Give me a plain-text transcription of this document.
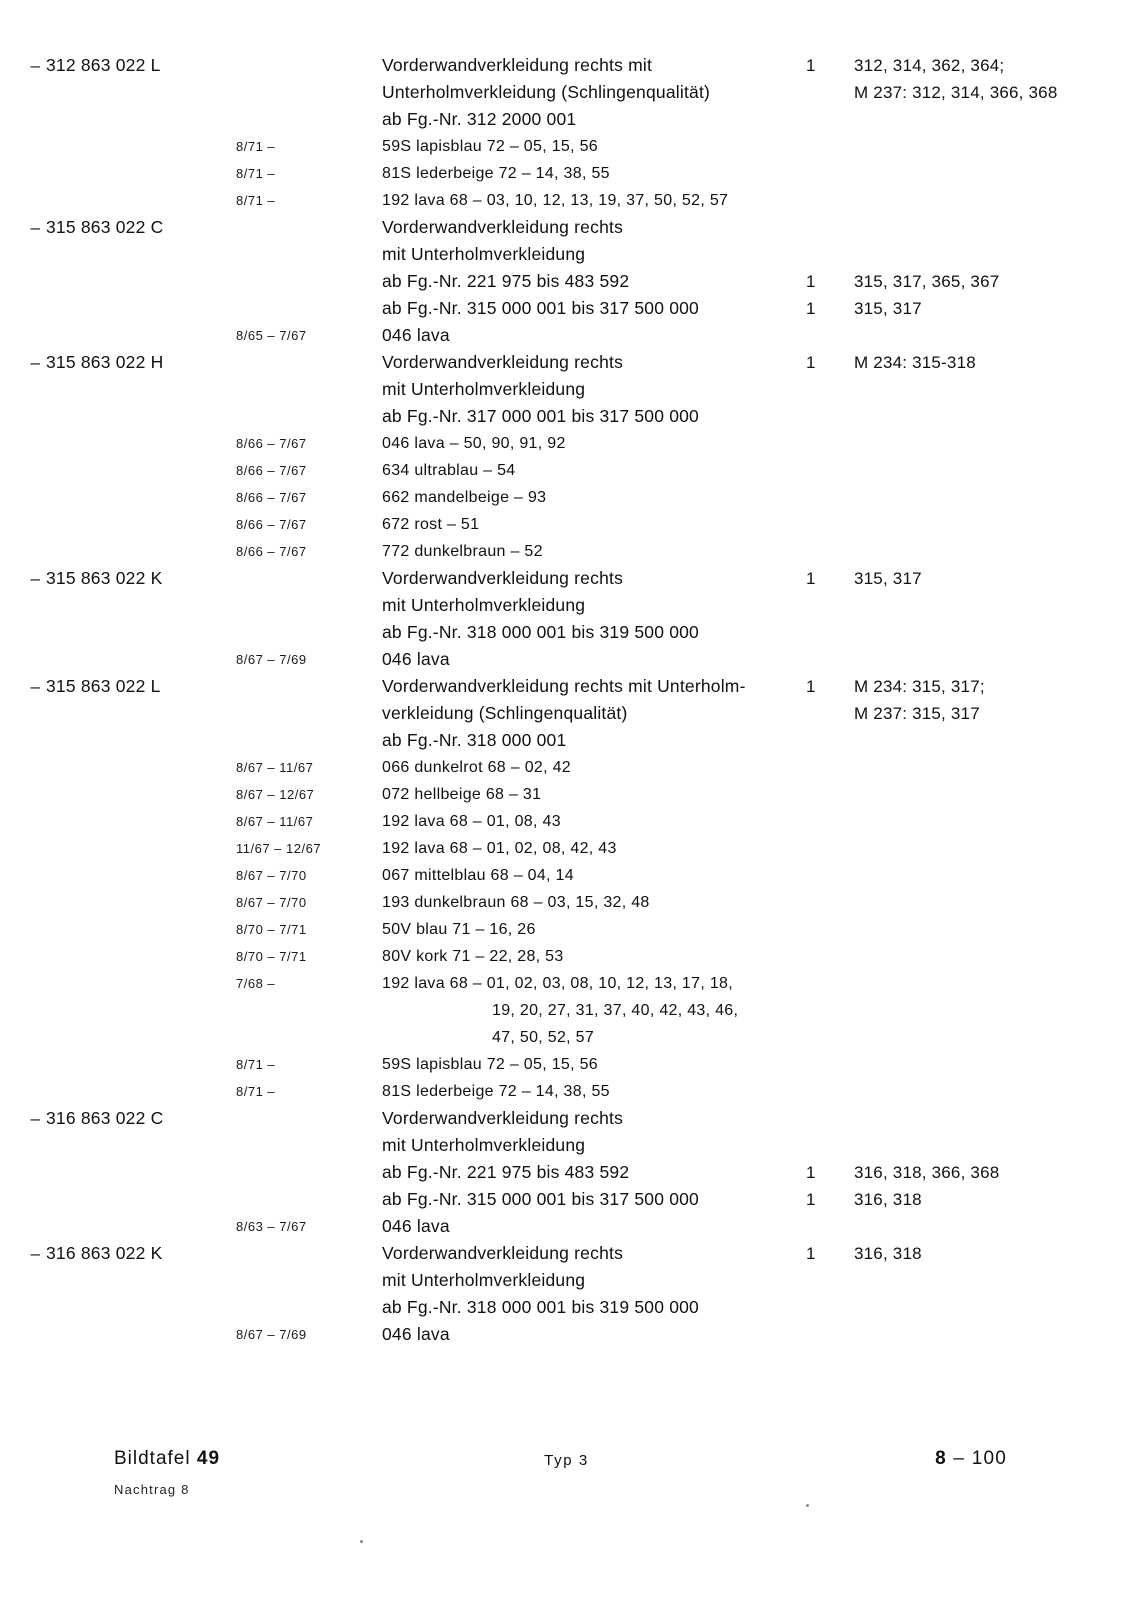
– 312 863 022 L	Vorderwandverkleidung rechts mit	1	312, 314, 362, 364;
Unterholmverkleidung (Schlingenqualität)	M 237: 312, 314, 366, 368
ab Fg.-Nr. 312 2000 001
8/71 –	59S lapisblau 72 – 05, 15, 56
8/71 –	81S lederbeige 72 – 14, 38, 55
8/71 –	192 lava 68 – 03, 10, 12, 13, 19, 37, 50, 52, 57
– 315 863 022 C	Vorderwandverkleidung rechts
mit Unterholmverkleidung
ab Fg.-Nr. 221 975 bis 483 592	1	315, 317, 365, 367
ab Fg.-Nr. 315 000 001 bis 317 500 000	1	315, 317
8/65 – 7/67	046 lava
– 315 863 022 H	Vorderwandverkleidung rechts	1	M 234: 315-318
mit Unterholmverkleidung
ab Fg.-Nr. 317 000 001 bis 317 500 000
8/66 – 7/67	046 lava – 50, 90, 91, 92
8/66 – 7/67	634 ultrablau – 54
8/66 – 7/67	662 mandelbeige – 93
8/66 – 7/67	672 rost – 51
8/66 – 7/67	772 dunkelbraun – 52
– 315 863 022 K	Vorderwandverkleidung rechts	1	315, 317
mit Unterholmverkleidung
ab Fg.-Nr. 318 000 001 bis 319 500 000
8/67 – 7/69	046 lava
– 315 863 022 L	Vorderwandverkleidung rechts mit Unterholm-	1	M 234: 315, 317;
verkleidung (Schlingenqualität)	M 237: 315, 317
ab Fg.-Nr. 318 000 001
8/67 – 11/67	066 dunkelrot 68 – 02, 42
8/67 – 12/67	072 hellbeige 68 – 31
8/67 – 11/67	192 lava 68 – 01, 08, 43
11/67 – 12/67	192 lava 68 – 01, 02, 08, 42, 43
8/67 – 7/70	067 mittelblau 68 – 04, 14
8/67 – 7/70	193 dunkelbraun 68 – 03, 15, 32, 48
8/70 – 7/71	50V blau 71 – 16, 26
8/70 – 7/71	80V kork 71 – 22, 28, 53
7/68 –	192 lava 68 – 01, 02, 03, 08, 10, 12, 13, 17, 18,
19, 20, 27, 31, 37, 40, 42, 43, 46,
47, 50, 52, 57
8/71 –	59S lapisblau 72 – 05, 15, 56
8/71 –	81S lederbeige 72 – 14, 38, 55
– 316 863 022 C	Vorderwandverkleidung rechts
mit Unterholmverkleidung
ab Fg.-Nr. 221 975 bis 483 592	1	316, 318, 366, 368
ab Fg.-Nr. 315 000 001 bis 317 500 000	1	316, 318
8/63 – 7/67	046 lava
– 316 863 022 K	Vorderwandverkleidung rechts	1	316, 318
mit Unterholmverkleidung
ab Fg.-Nr. 318 000 001 bis 319 500 000
8/67 – 7/69	046 lava
Bildtafel 49
Nachtrag 8
Typ 3	8 – 100
